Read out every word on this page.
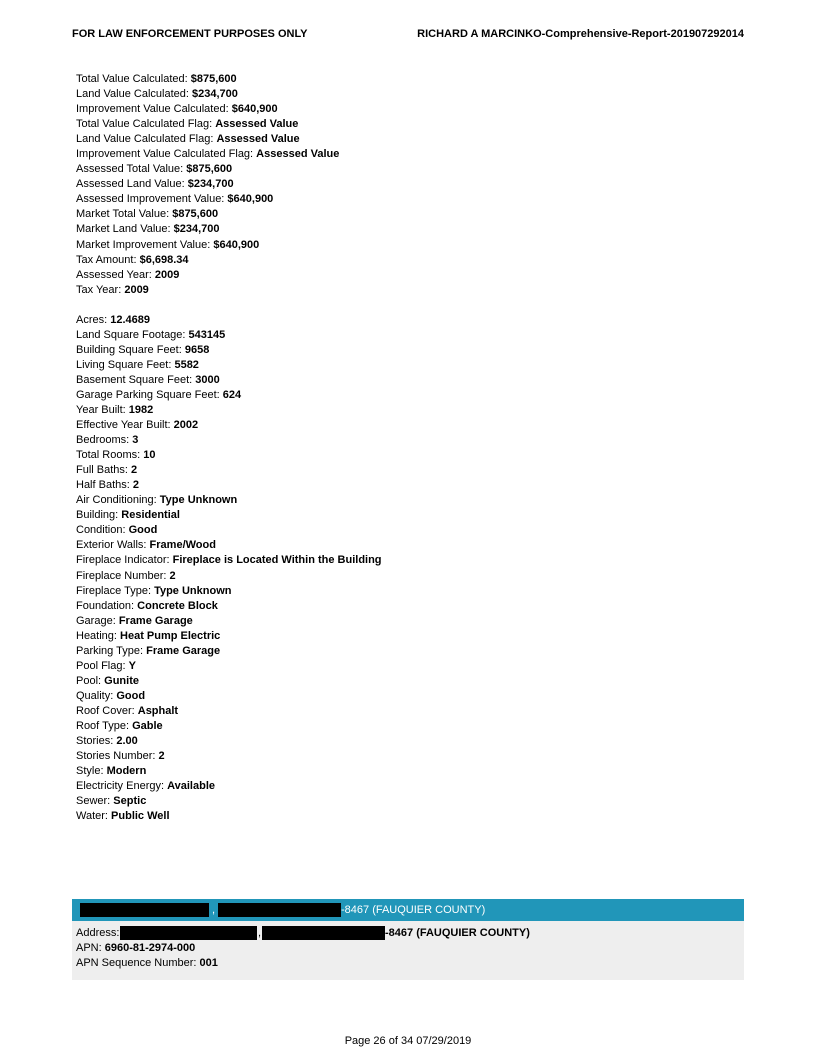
FOR LAW ENFORCEMENT PURPOSES ONLY	RICHARD A MARCINKO-Comprehensive-Report-201907292014
Total Value Calculated: $875,600
Land Value Calculated: $234,700
Improvement Value Calculated: $640,900
Total Value Calculated Flag: Assessed Value
Land Value Calculated Flag: Assessed Value
Improvement Value Calculated Flag: Assessed Value
Assessed Total Value: $875,600
Assessed Land Value: $234,700
Assessed Improvement Value: $640,900
Market Total Value: $875,600
Market Land Value: $234,700
Market Improvement Value: $640,900
Tax Amount: $6,698.34
Assessed Year: 2009
Tax Year: 2009
Acres: 12.4689
Land Square Footage: 543145
Building Square Feet: 9658
Living Square Feet: 5582
Basement Square Feet: 3000
Garage Parking Square Feet: 624
Year Built: 1982
Effective Year Built: 2002
Bedrooms: 3
Total Rooms: 10
Full Baths: 2
Half Baths: 2
Air Conditioning: Type Unknown
Building: Residential
Condition: Good
Exterior Walls: Frame/Wood
Fireplace Indicator: Fireplace is Located Within the Building
Fireplace Number: 2
Fireplace Type: Type Unknown
Foundation: Concrete Block
Garage: Frame Garage
Heating: Heat Pump Electric
Parking Type: Frame Garage
Pool Flag: Y
Pool: Gunite
Quality: Good
Roof Cover: Asphalt
Roof Type: Gable
Stories: 2.00
Stories Number: 2
Style: Modern
Electricity Energy: Available
Sewer: Septic
Water: Public Well
,	-8467 (FAUQUIER COUNTY)
Address:	,	-8467 (FAUQUIER COUNTY)
APN: 6960-81-2974-000
APN Sequence Number: 001
Page 26 of 34 07/29/2019
